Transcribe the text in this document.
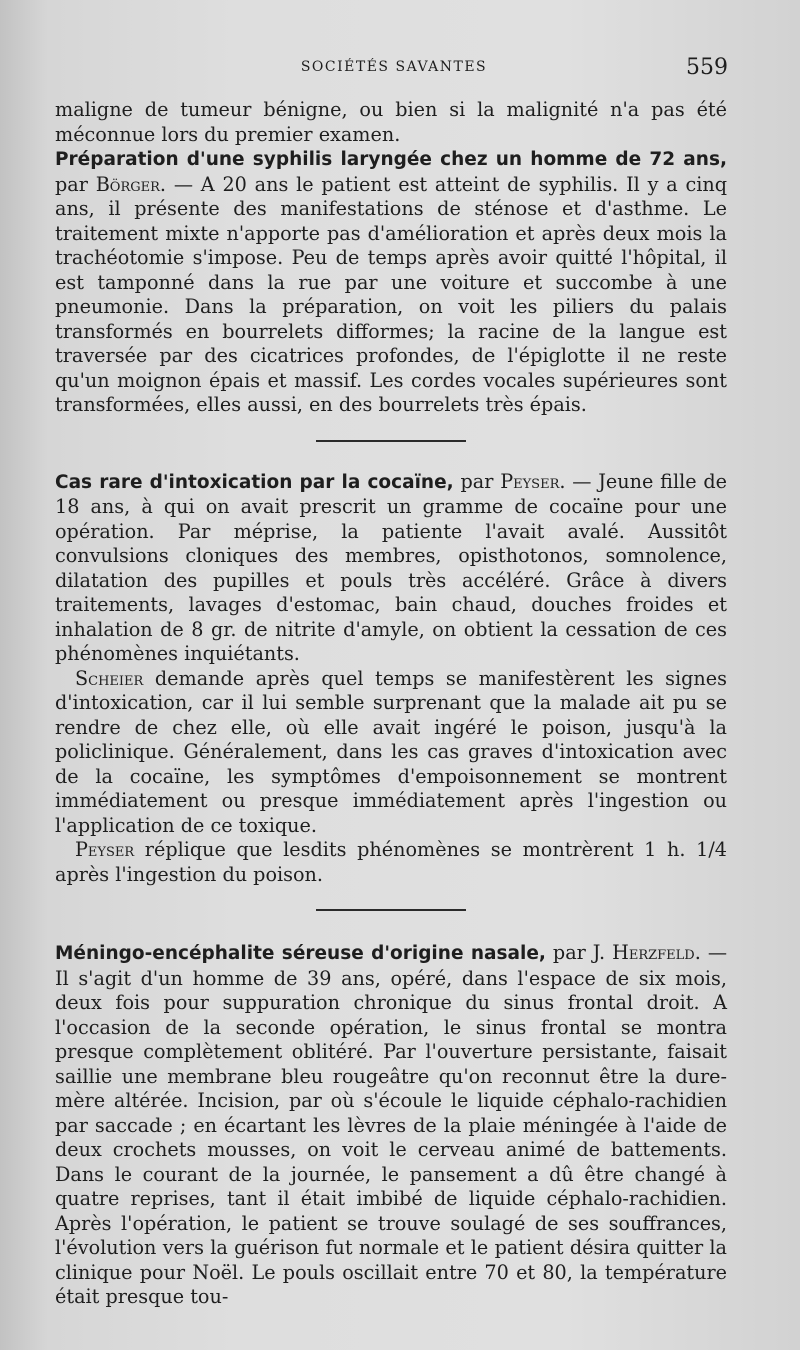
SOCIÉTÉS SAVANTES	559

maligne de tumeur bénigne, ou bien si la malignité n'a pas été méconnue lors du premier examen.

Préparation d'une syphilis laryngée chez un homme de 72 ans, par Börger. — A 20 ans le patient est atteint de syphilis. Il y a cinq ans, il présente des manifestations de sténose et d'asthme. Le traitement mixte n'apporte pas d'amélioration et après deux mois la trachéotomie s'impose. Peu de temps après avoir quitté l'hôpital, il est tamponné dans la rue par une voiture et succombe à une pneumonie. Dans la préparation, on voit les piliers du palais transformés en bourrelets difformes; la racine de la langue est traversée par des cicatrices profondes, de l'épiglotte il ne reste qu'un moignon épais et massif. Les cordes vocales supérieures sont transformées, elles aussi, en des bourrelets très épais.

Cas rare d'intoxication par la cocaïne, par Peyser. — Jeune fille de 18 ans, à qui on avait prescrit un gramme de cocaïne pour une opération. Par méprise, la patiente l'avait avalé. Aussitôt convulsions cloniques des membres, opisthotonos, somnolence, dilatation des pupilles et pouls très accéléré. Grâce à divers traitements, lavages d'estomac, bain chaud, douches froides et inhalation de 8 gr. de nitrite d'amyle, on obtient la cessation de ces phénomènes inquiétants.

Scheier demande après quel temps se manifestèrent les signes d'intoxication, car il lui semble surprenant que la malade ait pu se rendre de chez elle, où elle avait ingéré le poison, jusqu'à la policlinique. Généralement, dans les cas graves d'intoxication avec de la cocaïne, les symptômes d'empoisonnement se montrent immédiatement ou presque immédiatement après l'ingestion ou l'application de ce toxique.

Peyser réplique que lesdits phénomènes se montrèrent 1 h. 1/4 après l'ingestion du poison.

Méningo-encéphalite séreuse d'origine nasale, par J. Herzfeld. — Il s'agit d'un homme de 39 ans, opéré, dans l'espace de six mois, deux fois pour suppuration chronique du sinus frontal droit. A l'occasion de la seconde opération, le sinus frontal se montra presque complètement oblitéré. Par l'ouverture persistante, faisait saillie une membrane bleu rougeâtre qu'on reconnut être la dure-mère altérée. Incision, par où s'écoule le liquide céphalo-rachidien par saccade ; en écartant les lèvres de la plaie méningée à l'aide de deux crochets mousses, on voit le cerveau animé de battements. Dans le courant de la journée, le pansement a dû être changé à quatre reprises, tant il était imbibé de liquide céphalo-rachidien. Après l'opération, le patient se trouve soulagé de ses souffrances, l'évolution vers la guérison fut normale et le patient désira quitter la clinique pour Noël. Le pouls oscillait entre 70 et 80, la température était presque tou-
